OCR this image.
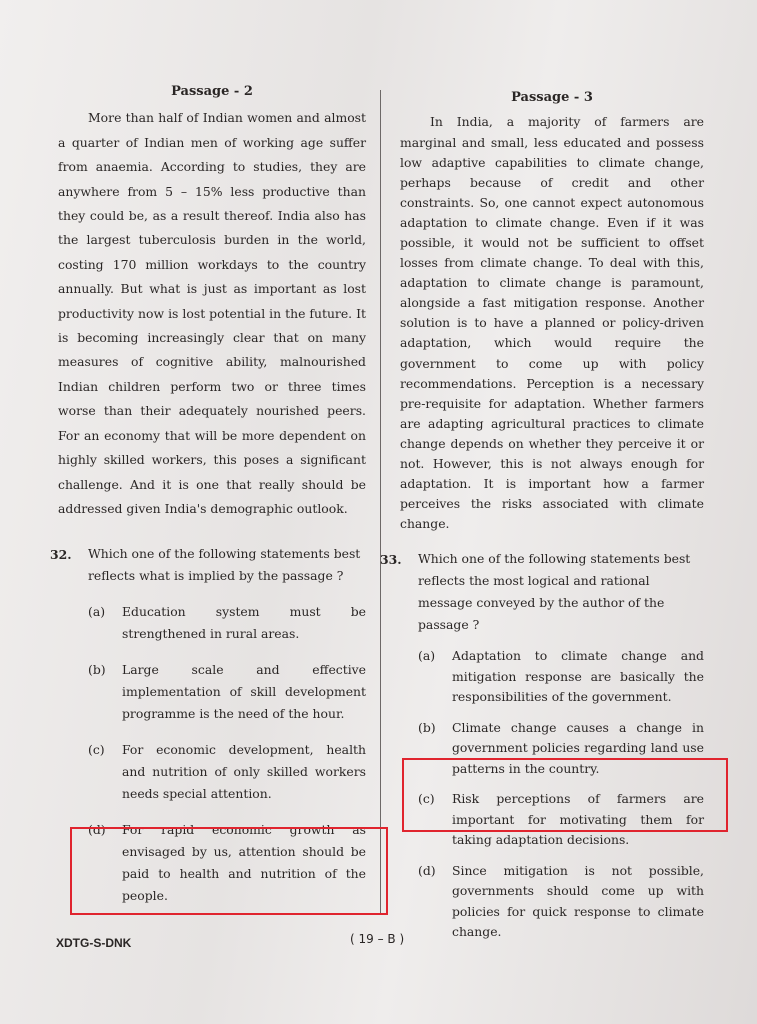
Passage - 2

More than half of Indian women and almost a quarter of Indian men of working age suffer from anaemia. According to studies, they are anywhere from 5 – 15% less productive than they could be, as a result thereof. India also has the largest tuberculosis burden in the world, costing 170 million workdays to the country annually. But what is just as important as lost productivity now is lost potential in the future. It is becoming increasingly clear that on many measures of cognitive ability, malnourished Indian children perform two or three times worse than their adequately nourished peers. For an economy that will be more dependent on highly skilled workers, this poses a significant challenge. And it is one that really should be addressed given India's demographic outlook.

32. Which one of the following statements best reflects what is implied by the passage ?
(a)	Education system must be strengthened in rural areas.
(b)	Large scale and effective implementation of skill development programme is the need of the hour.
(c)	For economic development, health and nutrition of only skilled workers needs special attention.
(d)	For rapid economic growth as envisaged by us, attention should be paid to health and nutrition of the people.
Passage - 3

In India, a majority of farmers are marginal and small, less educated and possess low adaptive capabilities to climate change, perhaps because of credit and other constraints. So, one cannot expect autonomous adaptation to climate change. Even if it was possible, it would not be sufficient to offset losses from climate change. To deal with this, adaptation to climate change is paramount, alongside a fast mitigation response. Another solution is to have a planned or policy-driven adaptation, which would require the government to come up with policy recommendations. Perception is a necessary pre-requisite for adaptation. Whether farmers are adapting agricultural practices to climate change depends on whether they perceive it or not. However, this is not always enough for adaptation. It is important how a farmer perceives the risks associated with climate change.

33. Which one of the following statements best reflects the most logical and rational message conveyed by the author of the passage ?
(a)	Adaptation to climate change and mitigation response are basically the responsibilities of the government.
(b)	Climate change causes a change in government policies regarding land use patterns in the country.
(c)	Risk perceptions of farmers are important for motivating them for taking adaptation decisions.
(d)	Since mitigation is not possible, governments should come up with policies for quick response to climate change.
XDTG-S-DNK	( 19 – B )
